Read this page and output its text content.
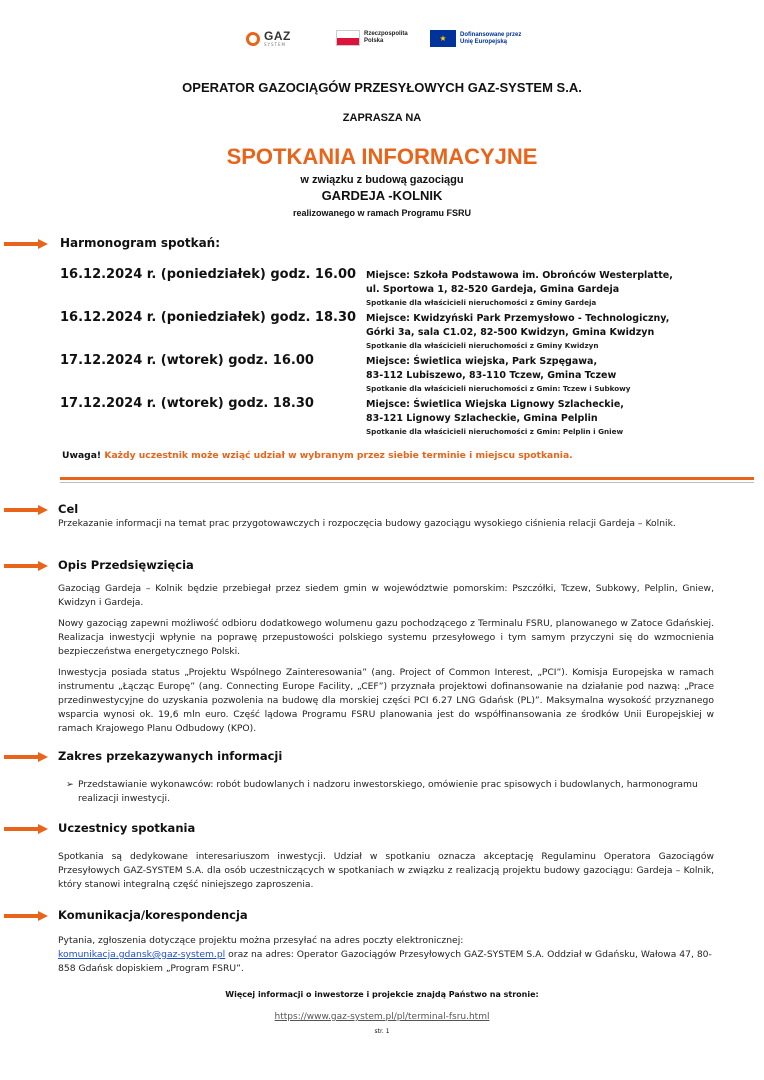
GAZ
SYSTEM
Rzeczpospolita
Polska	★	Dofinansowane przez
Unię Europejską
OPERATOR GAZOCIĄGÓW PRZESYŁOWYCH GAZ-SYSTEM S.A.
ZAPRASZA NA
SPOTKANIA INFORMACYJNE
w związku z budową gazociągu
GARDEJA -KOLNIK
realizowanego w ramach Programu FSRU
Harmonogram spotkań:
16.12.2024 r. (poniedziałek) godz. 16.00 Miejsce: Szkoła Podstawowa im. Obrońców Westerplatte,
ul. Sportowa 1, 82-520 Gardeja, Gmina Gardeja
Spotkanie dla właścicieli nieruchomości z Gminy Gardeja
16.12.2024 r. (poniedziałek) godz. 18.30 Miejsce: Kwidzyński Park Przemysłowo - Technologiczny,
Górki 3a, sala C1.02, 82-500 Kwidzyn, Gmina Kwidzyn
Spotkanie dla właścicieli nieruchomości z Gminy Kwidzyn
17.12.2024 r. (wtorek) godz. 16.00	Miejsce: Świetlica wiejska, Park Szpęgawa,
83-112 Lubiszewo, 83-110 Tczew, Gmina Tczew
Spotkanie dla właścicieli nieruchomości z Gmin: Tczew i Subkowy
17.12.2024 r. (wtorek) godz. 18.30	Miejsce: Świetlica Wiejska Lignowy Szlacheckie,
83-121 Lignowy Szlacheckie, Gmina Pelplin
Spotkanie dla właścicieli nieruchomości z Gmin: Pelplin i Gniew
Uwaga! Każdy uczestnik może wziąć udział w wybranym przez siebie terminie i miejscu spotkania.
Cel
Przekazanie informacji na temat prac przygotowawczych i rozpoczęcia budowy gazociągu wysokiego ciśnienia relacji Gardeja – Kolnik.
Opis Przedsięwzięcia
Gazociąg Gardeja – Kolnik będzie przebiegał przez siedem gmin w województwie pomorskim: Pszczółki, Tczew, Subkowy, Pelplin, Gniew, Kwidzyn i Gardeja.
Nowy gazociąg zapewni możliwość odbioru dodatkowego wolumenu gazu pochodzącego z Terminalu FSRU, planowanego w Zatoce Gdańskiej. Realizacja inwestycji wpłynie na poprawę przepustowości polskiego systemu przesyłowego i tym samym przyczyni się do wzmocnienia bezpieczeństwa energetycznego Polski.
Inwestycja posiada status „Projektu Wspólnego Zainteresowania” (ang. Project of Common Interest, „PCI”). Komisja Europejska w ramach instrumentu „Łącząc Europę” (ang. Connecting Europe Facility, „CEF”) przyznała projektowi dofinansowanie na działanie pod nazwą: „Prace przedinwestycyjne do uzyskania pozwolenia na budowę dla morskiej części PCI 6.27 LNG Gdańsk (PL)”. Maksymalna wysokość przyznanego wsparcia wynosi ok. 19,6 mln euro. Część lądowa Programu FSRU planowania jest do współfinansowania ze środków Unii Europejskiej w ramach Krajowego Planu Odbudowy (KPO).
Zakres przekazywanych informacji
➢ Przedstawianie wykonawców: robót budowlanych i nadzoru inwestorskiego, omówienie prac spisowych i budowlanych, harmonogramu realizacji inwestycji.
Uczestnicy spotkania
Spotkania są dedykowane interesariuszom inwestycji. Udział w spotkaniu oznacza akceptację Regulaminu Operatora Gazociągów Przesyłowych GAZ-SYSTEM S.A. dla osób uczestniczących w spotkaniach w związku z realizacją projektu budowy gazociągu: Gardeja – Kolnik, który stanowi integralną część niniejszego zaproszenia.
Komunikacja/korespondencja
Pytania, zgłoszenia dotyczące projektu można przesyłać na adres poczty elektronicznej:
komunikacja.gdansk@gaz-system.pl oraz na adres: Operator Gazociągów Przesyłowych GAZ-SYSTEM S.A. Oddział w Gdańsku, Wałowa 47, 80-858 Gdańsk dopiskiem „Program FSRU”.
Więcej informacji o inwestorze i projekcie znajdą Państwo na stronie:
https://www.gaz-system.pl/pl/terminal-fsru.html
str. 1
